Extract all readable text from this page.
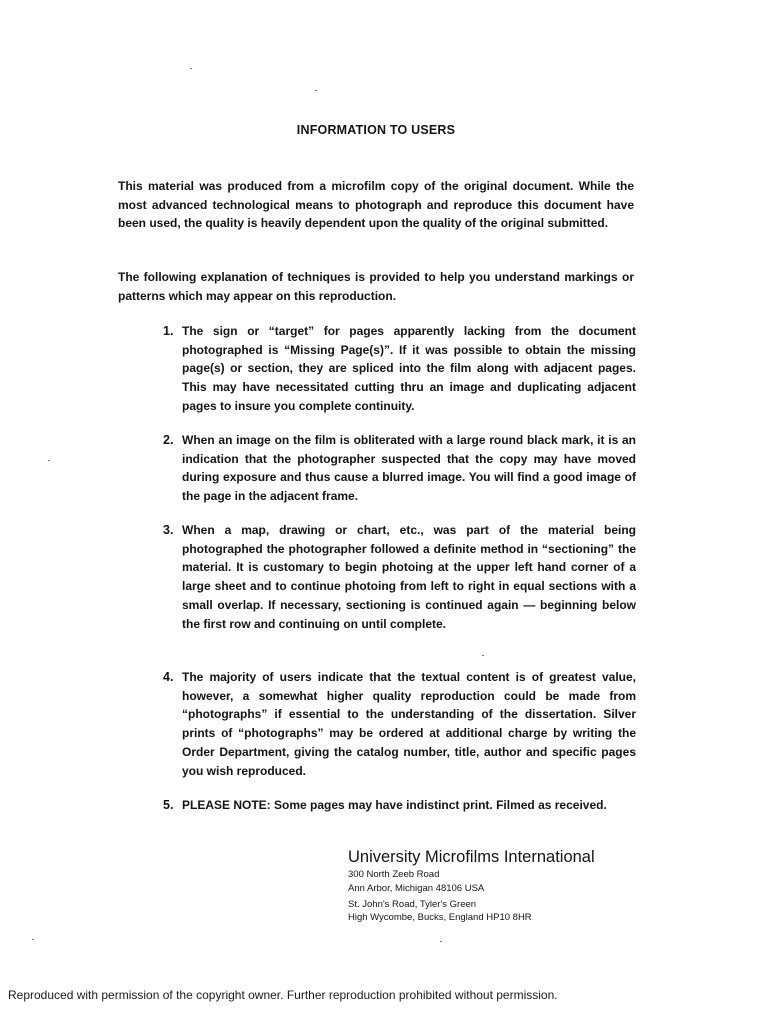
INFORMATION TO USERS

This material was produced from a microfilm copy of the original document. While the most advanced technological means to photograph and reproduce this document have been used, the quality is heavily dependent upon the quality of the original submitted.

The following explanation of techniques is provided to help you understand markings or patterns which may appear on this reproduction.

1. The sign or “target” for pages apparently lacking from the document photographed is “Missing Page(s)”. If it was possible to obtain the missing page(s) or section, they are spliced into the film along with adjacent pages. This may have necessitated cutting thru an image and duplicating adjacent pages to insure you complete continuity.
2. When an image on the film is obliterated with a large round black mark, it is an indication that the photographer suspected that the copy may have moved during exposure and thus cause a blurred image. You will find a good image of the page in the adjacent frame.
3. When a map, drawing or chart, etc., was part of the material being photographed the photographer followed a definite method in “sectioning” the material. It is customary to begin photoing at the upper left hand corner of a large sheet and to continue photoing from left to right in equal sections with a small overlap. If necessary, sectioning is continued again — beginning below the first row and continuing on until complete.
4. The majority of users indicate that the textual content is of greatest value, however, a somewhat higher quality reproduction could be made from “photographs” if essential to the understanding of the dissertation. Silver prints of “photographs” may be ordered at additional charge by writing the Order Department, giving the catalog number, title, author and specific pages you wish reproduced.
5. PLEASE NOTE: Some pages may have indistinct print. Filmed as received.
University Microfilms International
300 North Zeeb Road
Ann Arbor, Michigan 48106 USA
St. John's Road, Tyler's Green
High Wycombe, Bucks, England HP10 8HR
Reproduced with permission of the copyright owner. Further reproduction prohibited without permission.
